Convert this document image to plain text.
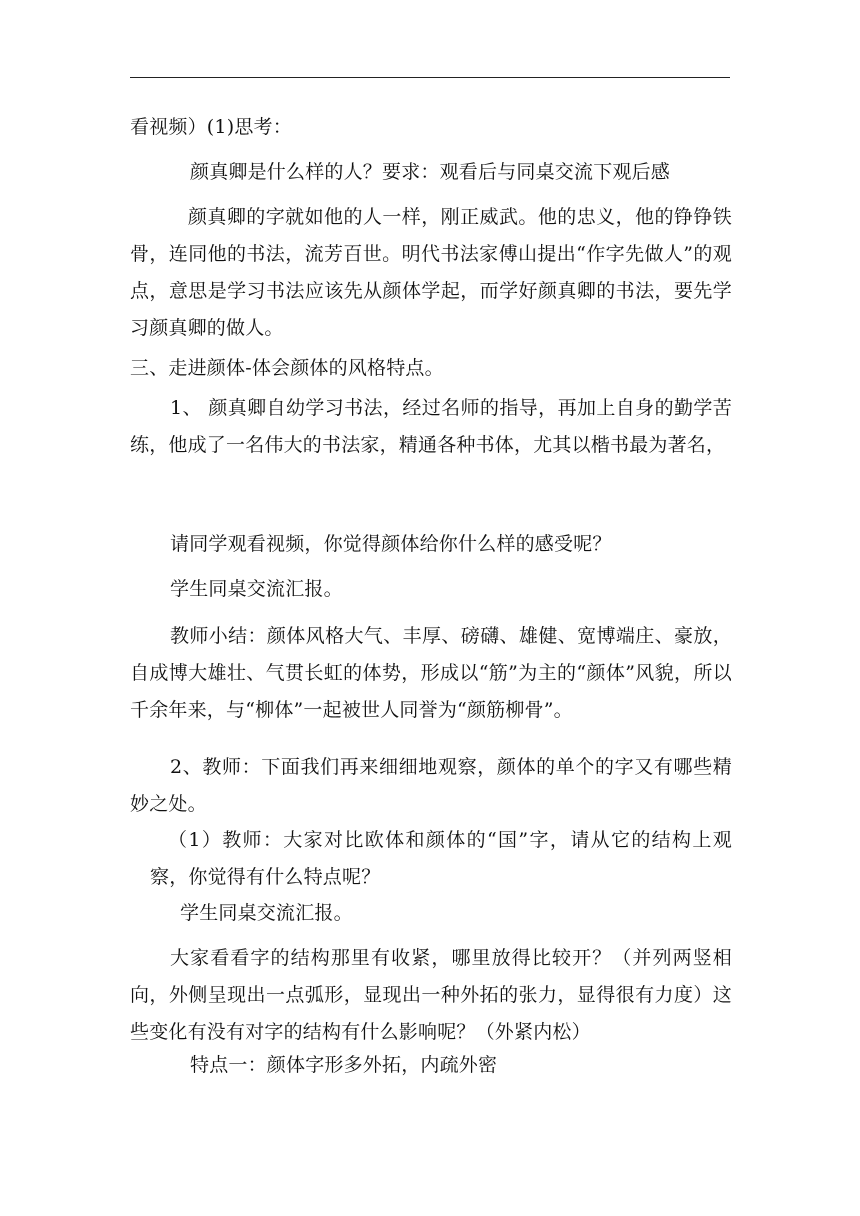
看视频）(1)思考：

颜真卿是什么样的人？要求：观看后与同桌交流下观后感

颜真卿的字就如他的人一样，刚正威武。他的忠义，他的铮铮铁骨，连同他的书法，流芳百世。明代书法家傅山提出“作字先做人”的观点，意思是学习书法应该先从颜体学起，而学好颜真卿的书法，要先学习颜真卿的做人。

三、走进颜体-体会颜体的风格特点。

1、 颜真卿自幼学习书法，经过名师的指导，再加上自身的勤学苦练，他成了一名伟大的书法家，精通各种书体，尤其以楷书最为著名，

请同学观看视频，你觉得颜体给你什么样的感受呢？

学生同桌交流汇报。

教师小结：颜体风格大气、丰厚、磅礴、雄健、宽博端庄、豪放，自成博大雄壮、气贯长虹的体势，形成以“筋”为主的“颜体”风貌，所以千余年来，与“柳体”一起被世人同誉为“颜筋柳骨”。

2、教师：下面我们再来细细地观察，颜体的单个的字又有哪些精妙之处。

（1）教师：大家对比欧体和颜体的“国”字，请从它的结构上观察，你觉得有什么特点呢？

学生同桌交流汇报。

大家看看字的结构那里有收紧，哪里放得比较开？（并列两竖相向，外侧呈现出一点弧形，显现出一种外拓的张力，显得很有力度）这些变化有没有对字的结构有什么影响呢？（外紧内松）

特点一：颜体字形多外拓，内疏外密
